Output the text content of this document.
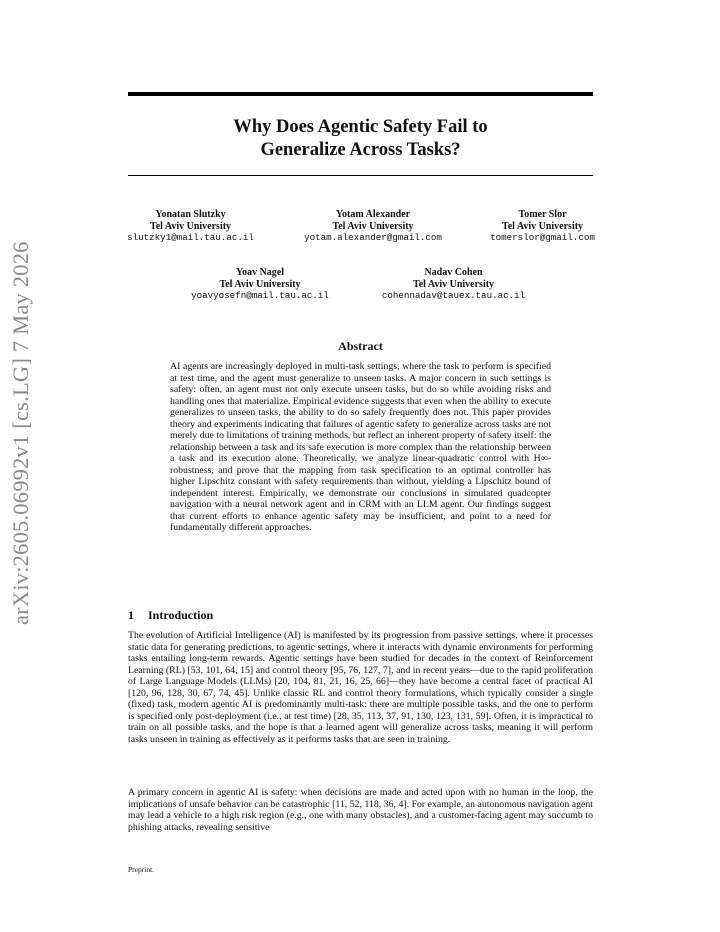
arXiv:2605.06992v1 [cs.LG] 7 May 2026
Why Does Agentic Safety Fail to
Generalize Across Tasks?
Yonatan Slutzky
Tel Aviv University
slutzky1@mail.tau.ac.il
Yotam Alexander
Tel Aviv University
yotam.alexander@gmail.com
Tomer Slor
Tel Aviv University
tomerslor@gmail.com
Yoav Nagel
Tel Aviv University
yoavyosefn@mail.tau.ac.il
Nadav Cohen
Tel Aviv University
cohennadav@tauex.tau.ac.il
Abstract
AI agents are increasingly deployed in multi-task settings, where the task to perform is specified at test time, and the agent must generalize to unseen tasks. A major concern in such settings is safety: often, an agent must not only execute unseen tasks, but do so while avoiding risks and handling ones that materialize. Empirical evidence suggests that even when the ability to execute generalizes to unseen tasks, the ability to do so safely frequently does not. This paper provides theory and experiments indicating that failures of agentic safety to generalize across tasks are not merely due to limitations of training methods, but reflect an inherent property of safety itself: the relationship between a task and its safe execution is more complex than the relationship between a task and its execution alone. Theoretically, we analyze linear-quadratic control with H∞-robustness, and prove that the mapping from task specification to an optimal controller has higher Lipschitz constant with safety requirements than without, yielding a Lipschitz bound of independent interest. Empirically, we demonstrate our conclusions in simulated quadcopter navigation with a neural network agent and in CRM with an LLM agent. Our findings suggest that current efforts to enhance agentic safety may be insufficient, and point to a need for fundamentally different approaches.
1 Introduction
The evolution of Artificial Intelligence (AI) is manifested by its progression from passive settings, where it processes static data for generating predictions, to agentic settings, where it interacts with dynamic environments for performing tasks entailing long-term rewards. Agentic settings have been studied for decades in the context of Reinforcement Learning (RL) [53, 101, 64, 15] and control theory [95, 76, 127, 7], and in recent years—due to the rapid proliferation of Large Language Models (LLMs) [20, 104, 81, 21, 16, 25, 66]—they have become a central facet of practical AI [120, 96, 128, 30, 67, 74, 45]. Unlike classic RL and control theory formulations, which typically consider a single (fixed) task, modern agentic AI is predominantly multi-task: there are multiple possible tasks, and the one to perform is specified only post-deployment (i.e., at test time) [28, 35, 113, 37, 91, 130, 123, 131, 59]. Often, it is impractical to train on all possible tasks, and the hope is that a learned agent will generalize across tasks, meaning it will perform tasks unseen in training as effectively as it performs tasks that are seen in training.
A primary concern in agentic AI is safety: when decisions are made and acted upon with no human in the loop, the implications of unsafe behavior can be catastrophic [11, 52, 118, 36, 4]. For example, an autonomous navigation agent may lead a vehicle to a high risk region (e.g., one with many obstacles), and a customer-facing agent may succumb to phishing attacks, revealing sensitive
Preprint.
